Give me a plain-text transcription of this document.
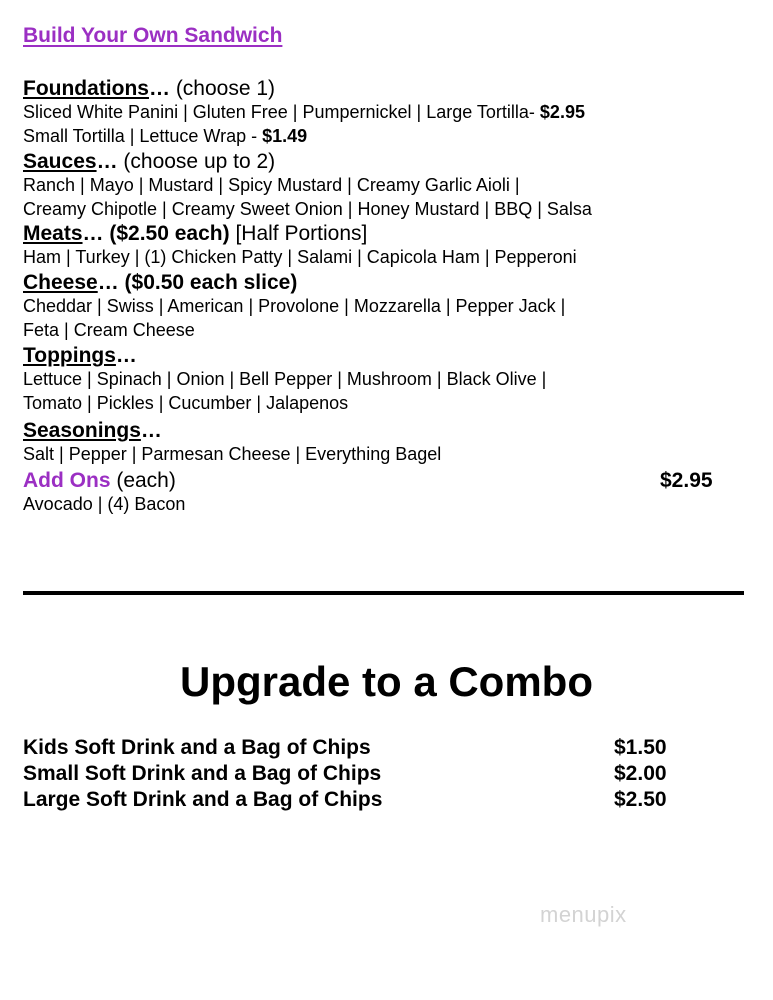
Build Your Own Sandwich
Foundations… (choose 1)
Sliced White Panini | Gluten Free | Pumpernickel | Large Tortilla- $2.95
Small Tortilla | Lettuce Wrap - $1.49
Sauces… (choose up to 2)
Ranch | Mayo | Mustard | Spicy Mustard | Creamy Garlic Aioli |
Creamy Chipotle | Creamy Sweet Onion | Honey Mustard | BBQ | Salsa
Meats… ($2.50 each) [Half Portions]
Ham | Turkey | (1) Chicken Patty | Salami | Capicola Ham | Pepperoni
Cheese… ($0.50 each slice)
Cheddar | Swiss | American | Provolone | Mozzarella | Pepper Jack |
Feta | Cream Cheese
Toppings…
Lettuce | Spinach | Onion | Bell Pepper | Mushroom | Black Olive |
Tomato | Pickles | Cucumber | Jalapenos
Seasonings…
Salt | Pepper | Parmesan Cheese | Everything Bagel
Add Ons (each)
Avocado | (4) Bacon
$2.95
Upgrade to a Combo
Kids Soft Drink and a Bag of Chips	$1.50
Small Soft Drink and a Bag of Chips	$2.00
Large Soft Drink and a Bag of Chips	$2.50
menupix
